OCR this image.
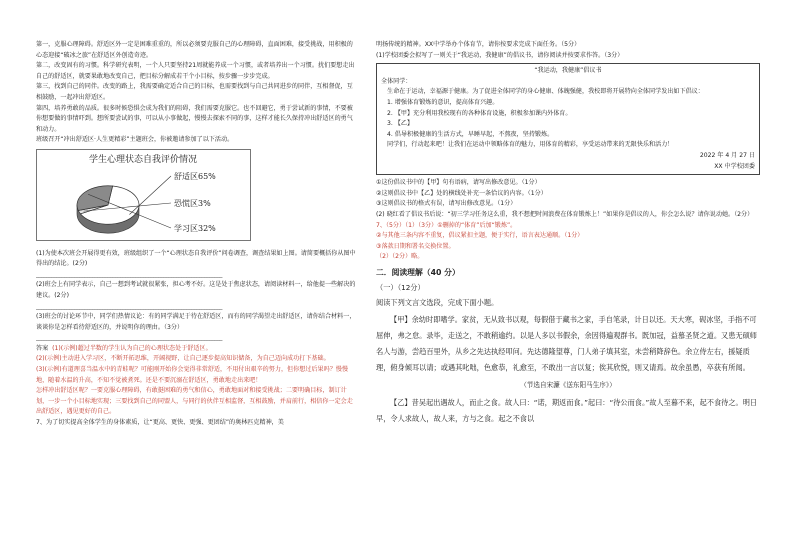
第一，克服心理障碍。舒适区外一定是困难重重的，所以必须要克服自己的心理障碍，直面困难，接受挑战，用积极的心态迎接“破冰之旅”在舒适区外创造奇迹。

第二，改变固有的习惯。科学研究表明，一个人只要坚持21周就能养成一个习惯，或者培养出一个习惯。扰们要想走出自己的舒适区，就要果敢地改变自己，把目标分解成若干个小目标，按步骤一步步完成。

第三，找到自己的同伴。改变的路上，我需要确定适合自己的目标，也需要找到与自己共同进步的同伴，互相督促，互相鼓励，一起冲出舒适区。

第四，培养勇敢的品质。很多时候恐惧会成为我们的阻碍，我们需要克服它。也不回避它，勇于尝试新的事情，不要被你想要做的事情吓到。想所要尝试的事，可以从小事做起，慢慢去探索不同的事，这样才能长久保持冲出舒适区的勇气和动力。

班级召开“冲出舒适区·人生更精彩”主题班会，你被邀请参加了以下活动。

学生心理状态自我评价情况
舒适区65%
恐慌区3%
学习区32%

(1)为使本次班会开展得更有效，班级组织了一个“心理状态自我评价”问卷调查，调查结果如上图。请简要概括你从图中得出的结论。(2分)

_________________________________________________________________________

(2)班会上有同学表示，自己一想到考试就很紧张，担心考不好。这是处于焦虑状态，请阅读材料一，给他提一些解决的建议。(2分)

_________________________________________________________________________

(3)班会的讨论环节中，同学们热情议论：有的同学满足于待在舒适区，而有的同学渴望走出舒适区，请你结合材料一，谈谈你是怎样看待舒适区的，并说明你的理由。（3分）

_________________________________________________________________________

答案 (1)(示例)超过半数的学生认为自己的心理状态处于舒适区。

(2)(示例)主动进入学习区，不断开拓思维，开阔视野，让自己逐步提高知识储备，为自己迈向成功打下基础。

(3)(示例)有道理喜当温水中的青蛙呢？可能刚开始你会觉得非常舒适，不用付出艰辛的努力，但你想过后果吗？慢慢地，随着水温的升高，不知不觉被煮死。还是不要沉溺在舒适区，勇敢地走出来吧！

怎样冲出舒适区呢？一要克服心理障碍，有敢挺困难的勇气和信心，勇敢地面对和接受挑战；二要明确目标，制订计划，一步一个小目标地实现；三要找到自己的同盟人，与同行的伙伴互相监督，互相鼓励，并肩前行，相信你一定会走出舒适区，遇见更好的自己。

7、为了切实提高全体学生的身体素质，让“更高、更快、更强、更团结”的奥林匹克精神，美

明扬传统的精神。XX中学举办个体育节，请你按要求完成下面任务。（5分）

(1)学校团委会拟写了一则关于“我运动，我健康”的倡议书，请你阅读并按要求作答。（3分）

“我运动，我健康”倡议书

全体同学：

生命在于运动，幸福源于健康。为了促进全体同学的身心健康、体魄强健，我校即将开展特向全体同学发出如下倡议：

1. 增强体育锻炼的意识，提高体育兴趣。

2. 【甲】充分利用我校现有的各种体育设施，积极参加课内外体育。

3. 【乙】

4. 倡导积极健康的生活方式，早睡早起，不熬夜，坚持锻炼。

同学们，行动起来吧！让我们在运动中领略体育的魅力，用体育的精彩，享受运动带来的无限快乐和活力！

2022 年 4 月 27 日

XX 中学校团委

①这份倡议书中的【甲】句有语病，请写出修改意见。（1分）

②这则倡议书中【乙】处的横线处补充一条恰议的内容。（1分）

③这则倡议书的格式有误，请写出修改意见。（1分）

(2) 晓红看了倡议书后说：“初三学习任务这么重，我不想把时间浪费在体育锻炼上！”如果你是倡议的人，你会怎么说？请你说动她。（2分）

7、（5分）（1）（3分）①删掉的“体育”后加“锻炼”。

②与其他三条内容不重复，倡议紧扣主题，便于实行，语言表达通顺。（1分）

③落款日期和署名交换位置。

（2）（2分）略。

二．阅读理解（40 分）

（一）（12分）

阅读下列文言文选段，完成下面小题。

【甲】余幼时即嗜学。家贫，无从致书以观，每假借于藏书之家，手自笔录，计日以还。天大寒，砚冰坚，手指不可屈伸，弗之怠。录毕，走送之，不敢稍逾约。以是人多以书假余，余因得遍观群书。既加冠，益慕圣贤之道。又患无硕师名人与游，尝趋百里外，从乡之先达执经叩问。先达德隆望尊，门人弟子填其室，未尝稍降辞色。余立侍左右，援疑质理，俯身倾耳以请；或遇其叱咄，色愈恭，礼愈至，不敢出一言以复；俟其欣悦，则又请焉。故余虽愚，卒获有所闻。

（节选自宋濂《送东阳马生序》）

【乙】昔吴起出遇故人，而止之食。故人曰：“诺，期返而食。”起曰：“待公而食。”故人至暮不来，起不食待之。明日早，令人求故人，故人来，方与之食。起之不食以
